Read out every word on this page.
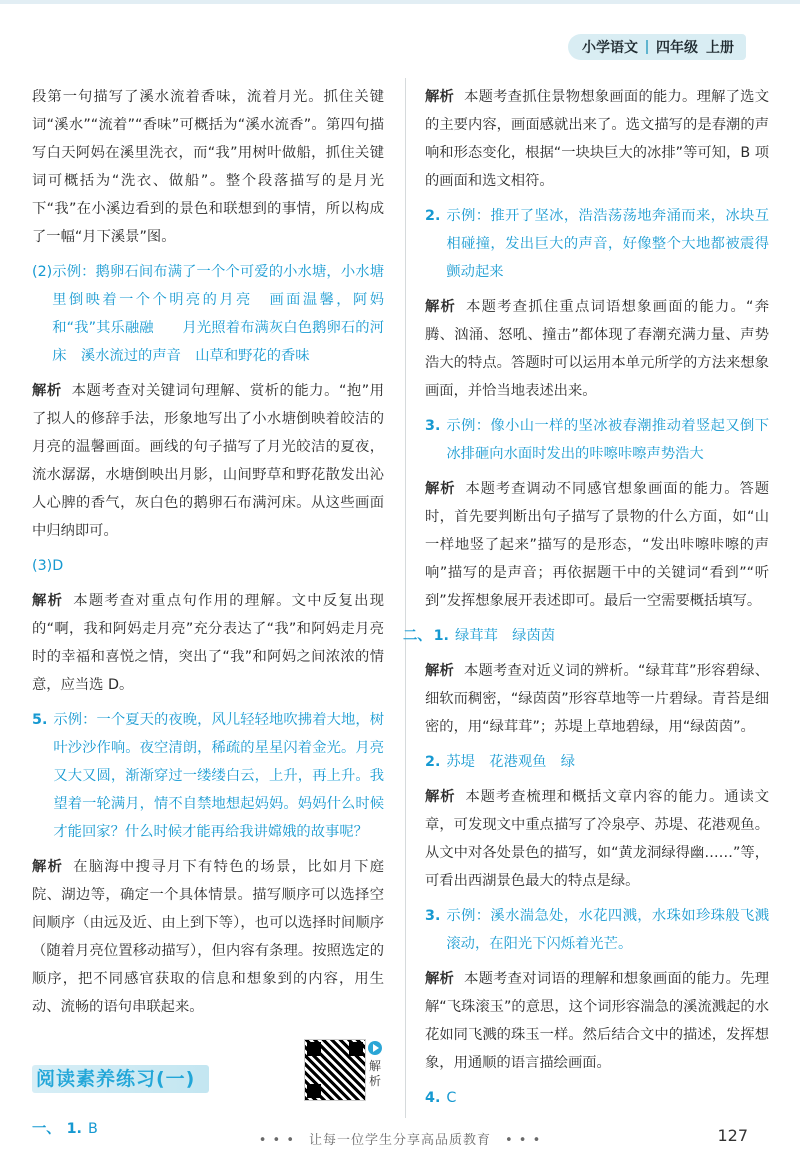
小学语文 四年级 上册

段第一句描写了溪水流着香味，流着月光。抓住关键词“溪水”“流着”“香味”可概括为“溪水流香”。第四句描写白天阿妈在溪里洗衣，而“我”用树叶做船，抓住关键词可概括为“洗衣、做船”。整个段落描写的是月光下“我”在小溪边看到的景色和联想到的事情，所以构成了一幅“月下溪景”图。

(2) 示例：鹅卵石间布满了一个个可爱的小水塘，小水塘里倒映着一个个明亮的月亮　画面温馨，阿妈和“我”其乐融融　　月光照着布满灰白色鹅卵石的河床　溪水流过的声音　山草和野花的香味

解析 本题考查对关键词句理解、赏析的能力。“抱”用了拟人的修辞手法，形象地写出了小水塘倒映着皎洁的月亮的温馨画面。画线的句子描写了月光皎洁的夏夜，流水潺潺，水塘倒映出月影，山间野草和野花散发出沁人心脾的香气，灰白色的鹅卵石布满河床。从这些画面中归纳即可。

(3)D

解析 本题考查对重点句作用的理解。文中反复出现的“啊，我和阿妈走月亮”充分表达了“我”和阿妈走月亮时的幸福和喜悦之情，突出了“我”和阿妈之间浓浓的情意，应当选 D。

5. 示例：一个夏天的夜晚，风儿轻轻地吹拂着大地，树叶沙沙作响。夜空清朗，稀疏的星星闪着金光。月亮又大又圆，渐渐穿过一缕缕白云，上升，再上升。我望着一轮满月，情不自禁地想起妈妈。妈妈什么时候才能回家？什么时候才能再给我讲嫦娥的故事呢？

解析 在脑海中搜寻月下有特色的场景，比如月下庭院、湖边等，确定一个具体情景。描写顺序可以选择空间顺序（由远及近、由上到下等），也可以选择时间顺序（随着月亮位置移动描写），但内容有条理。按照选定的顺序，把不同感官获取的信息和想象到的内容，用生动、流畅的语句串联起来。

阅读素养练习(一)
解析

一、 1. B

解析 本题考查抓住景物想象画面的能力。理解了选文的主要内容，画面感就出来了。选文描写的是春潮的声响和形态变化，根据“一块块巨大的冰排”等可知，B 项的画面和选文相符。

2. 示例：推开了坚冰，浩浩荡荡地奔涌而来，冰块互相碰撞，发出巨大的声音，好像整个大地都被震得颤动起来

解析 本题考查抓住重点词语想象画面的能力。“奔腾、汹涌、怒吼、撞击”都体现了春潮充满力量、声势浩大的特点。答题时可以运用本单元所学的方法来想象画面，并恰当地表述出来。

3. 示例：像小山一样的坚冰被春潮推动着竖起又倒下　冰排砸向水面时发出的咔嚓咔嚓声势浩大

解析 本题考查调动不同感官想象画面的能力。答题时，首先要判断出句子描写了景物的什么方面，如“山一样地竖了起来”描写的是形态，“发出咔嚓咔嚓的声响”描写的是声音；再依据题干中的关键词“看到”“听到”发挥想象展开表述即可。最后一空需要概括填写。

二、 1. 绿茸茸　绿茵茵

解析 本题考查对近义词的辨析。“绿茸茸”形容碧绿、细软而稠密，“绿茵茵”形容草地等一片碧绿。青苔是细密的，用“绿茸茸”；苏堤上草地碧绿，用“绿茵茵”。

2. 苏堤　花港观鱼　绿

解析 本题考查梳理和概括文章内容的能力。通读文章，可发现文中重点描写了冷泉亭、苏堤、花港观鱼。从文中对各处景色的描写，如“黄龙洞绿得幽……”等，可看出西湖景色最大的特点是绿。

3. 示例：溪水湍急处，水花四溅，水珠如珍珠般飞溅滚动，在阳光下闪烁着光芒。

解析 本题考查对词语的理解和想象画面的能力。先理解“飞珠滚玉”的意思，这个词形容湍急的溪流溅起的水花如同飞溅的珠玉一样。然后结合文中的描述，发挥想象，用通顺的语言描绘画面。

4. C

• • •　让每一位学生分享高品质教育　• • •	127
